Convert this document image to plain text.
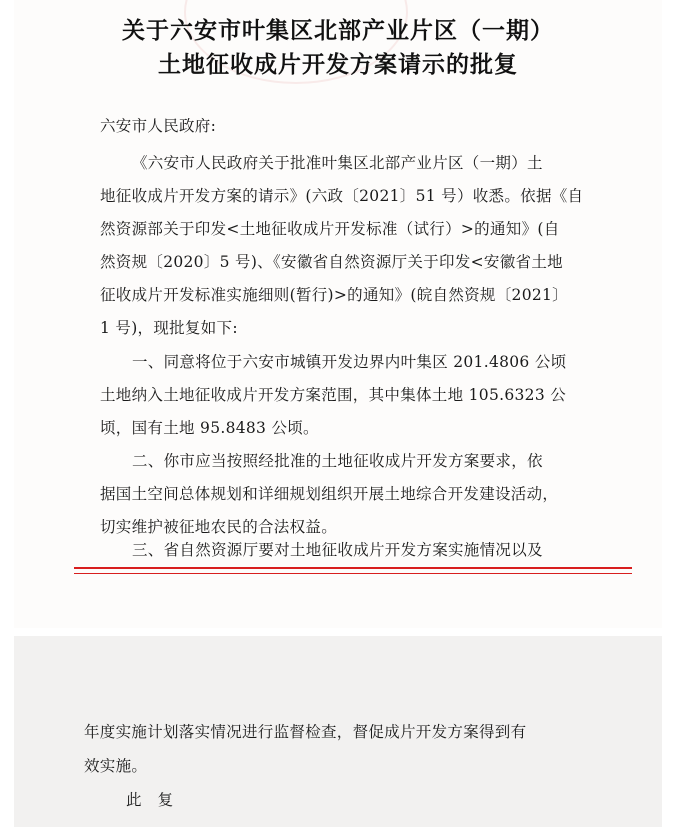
关于六安市叶集区北部产业片区（一期）
土地征收成片开发方案请示的批复
六安市人民政府:
《六安市人民政府关于批准叶集区北部产业片区（一期）土
地征收成片开发方案的请示》(六政〔2021〕51 号）收悉。依据《自
然资源部关于印发<土地征收成片开发标准（试行）>的通知》(自
然资规〔2020〕5 号)、《安徽省自然资源厅关于印发<安徽省土地
征收成片开发标准实施细则(暂行)>的通知》(皖自然资规〔2021〕
1 号)，现批复如下:
一、同意将位于六安市城镇开发边界内叶集区 201.4806 公顷
土地纳入土地征收成片开发方案范围，其中集体土地 105.6323 公
顷，国有土地 95.8483 公顷。
二、你市应当按照经批准的土地征收成片开发方案要求，依
据国土空间总体规划和详细规划组织开展土地综合开发建设活动，
切实维护被征地农民的合法权益。
三、省自然资源厅要对土地征收成片开发方案实施情况以及
年度实施计划落实情况进行监督检查，督促成片开发方案得到有
效实施。
此　复
